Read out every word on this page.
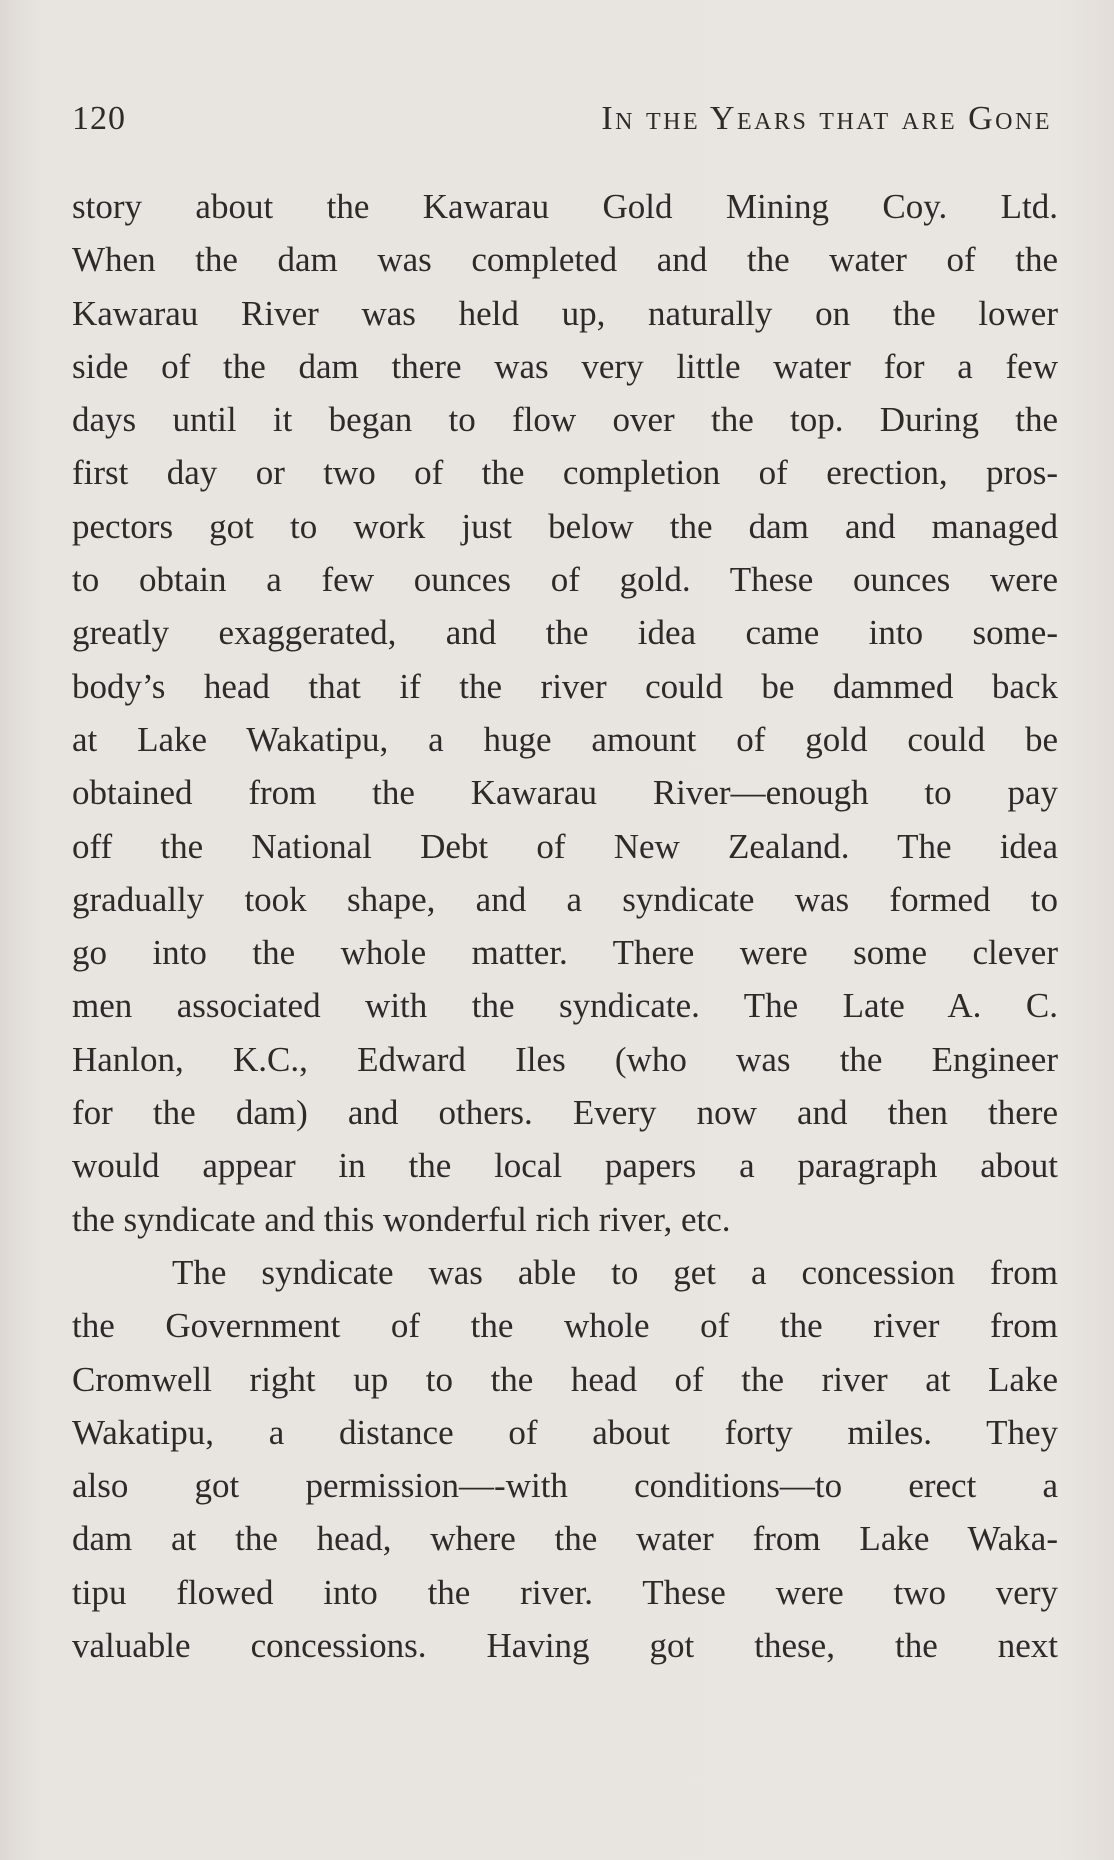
120	In the Years that are Gone
story about the Kawarau Gold Mining Coy. Ltd.
When the dam was completed and the water of the
Kawarau River was held up, naturally on the lower
side of the dam there was very little water for a few
days until it began to flow over the top. During the
first day or two of the completion of erection, pros-
pectors got to work just below the dam and managed
to obtain a few ounces of gold. These ounces were
greatly exaggerated, and the idea came into some-
body’s head that if the river could be dammed back
at Lake Wakatipu, a huge amount of gold could be
obtained from the Kawarau River—enough to pay
off the National Debt of New Zealand. The idea
gradually took shape, and a syndicate was formed to
go into the whole matter. There were some clever
men associated with the syndicate. The Late A. C.
Hanlon, K.C., Edward Iles (who was the Engineer
for the dam) and others. Every now and then there
would appear in the local papers a paragraph about
the syndicate and this wonderful rich river, etc.
The syndicate was able to get a concession from
the Government of the whole of the river from
Cromwell right up to the head of the river at Lake
Wakatipu, a distance of about forty miles. They
also got permission—-with conditions—to erect a
dam at the head, where the water from Lake Waka-
tipu flowed into the river. These were two very
valuable concessions. Having got these, the next
